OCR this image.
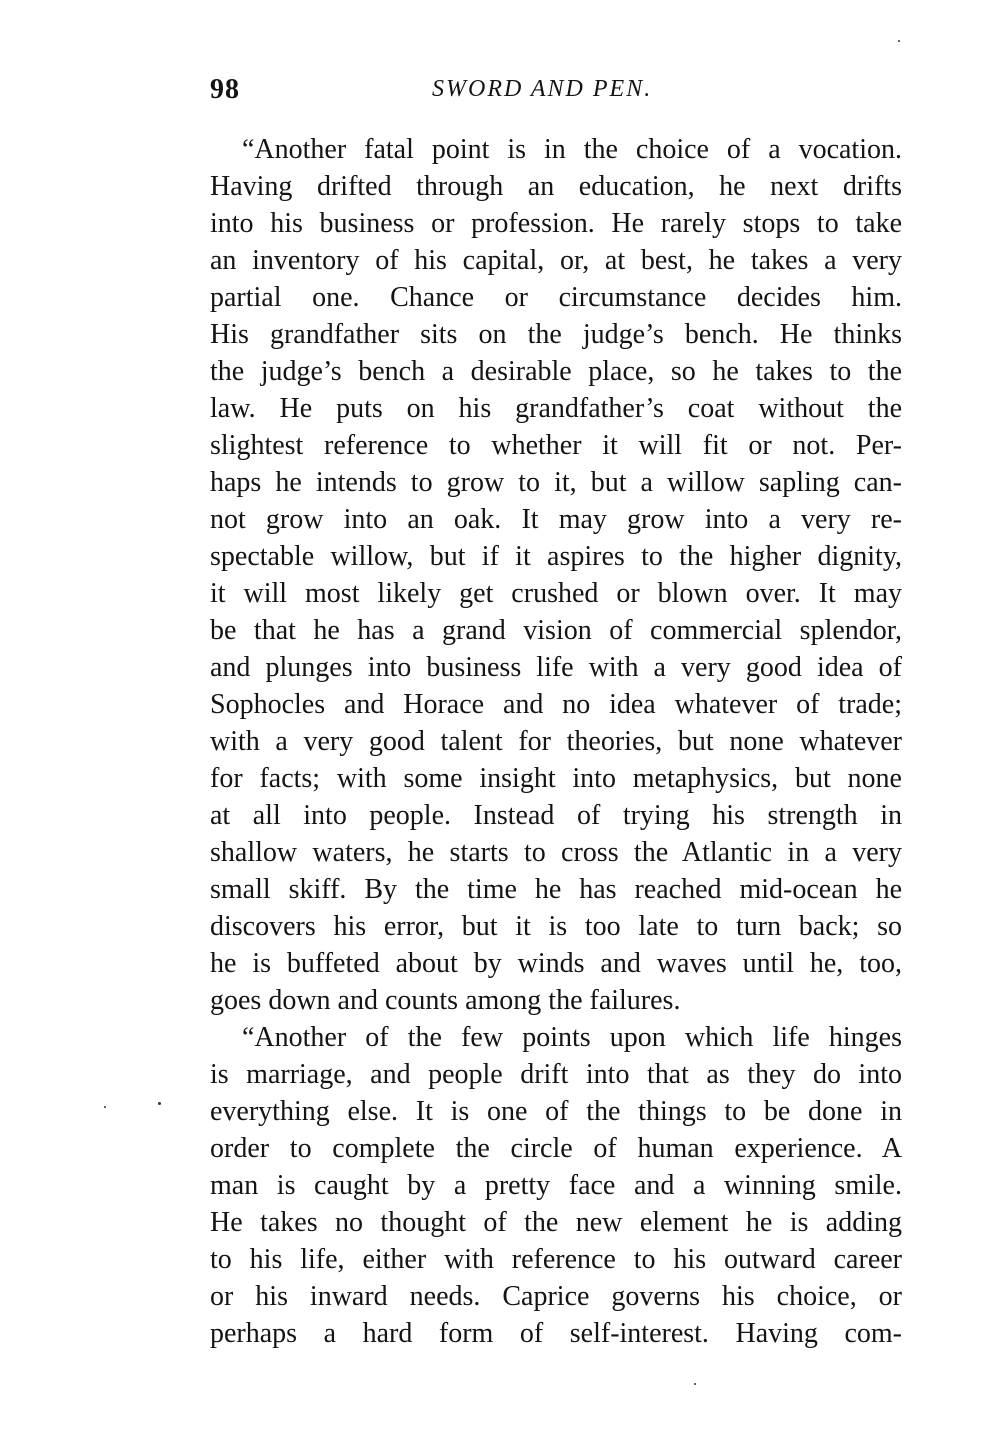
98	SWORD AND PEN.
“Another fatal point is in the choice of a vocation.
Having drifted through an education, he next drifts
into his business or profession. He rarely stops to take
an inventory of his capital, or, at best, he takes a very
partial one. Chance or circumstance decides him.
His grandfather sits on the judge’s bench. He thinks
the judge’s bench a desirable place, so he takes to the
law. He puts on his grandfather’s coat without the
slightest reference to whether it will fit or not. Per-
haps he intends to grow to it, but a willow sapling can-
not grow into an oak. It may grow into a very re-
spectable willow, but if it aspires to the higher dignity,
it will most likely get crushed or blown over. It may
be that he has a grand vision of commercial splendor,
and plunges into business life with a very good idea of
Sophocles and Horace and no idea whatever of trade;
with a very good talent for theories, but none whatever
for facts; with some insight into metaphysics, but none
at all into people. Instead of trying his strength in
shallow waters, he starts to cross the Atlantic in a very
small skiff. By the time he has reached mid-ocean he
discovers his error, but it is too late to turn back; so
he is buffeted about by winds and waves until he, too,
goes down and counts among the failures.
“Another of the few points upon which life hinges
is marriage, and people drift into that as they do into
everything else. It is one of the things to be done in
order to complete the circle of human experience. A
man is caught by a pretty face and a winning smile.
He takes no thought of the new element he is adding
to his life, either with reference to his outward career
or his inward needs. Caprice governs his choice, or
perhaps a hard form of self-interest. Having com-
